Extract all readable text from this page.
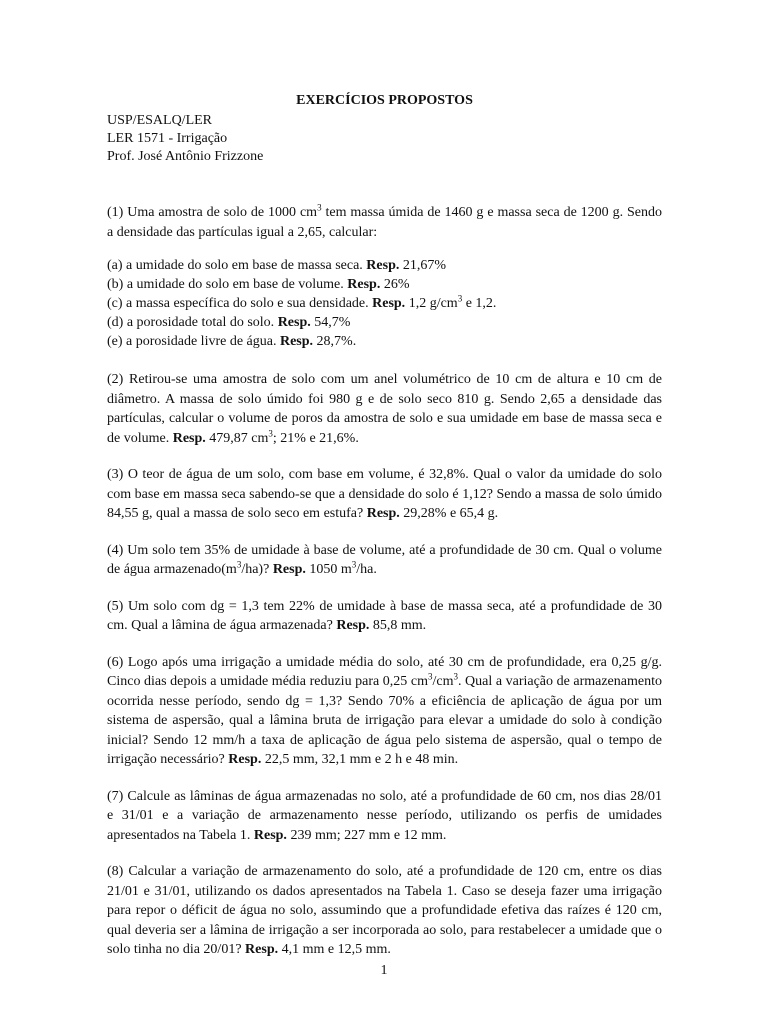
EXERCÍCIOS PROPOSTOS
USP/ESALQ/LER
LER 1571 - Irrigação
Prof. José Antônio Frizzone
(1) Uma amostra de solo de 1000 $cm^3$ tem massa úmida de 1460 g e massa seca de 1200 g. Sendo a densidade das partículas igual a 2,65, calcular:
(a) a umidade do solo em base de massa seca. Resp. 21,67%
(b) a umidade do solo em base de volume. Resp. 26%
(c) a massa específica do solo e sua densidade. Resp. 1,2 $g/cm^3$ e 1,2.
(d) a porosidade total do solo. Resp. 54,7%
(e) a porosidade livre de água. Resp. 28,7%.
(2) Retirou-se uma amostra de solo com um anel volumétrico de 10 cm de altura e 10 cm de diâmetro. A massa de solo úmido foi 980 g e de solo seco 810 g. Sendo 2,65 a densidade das partículas, calcular o volume de poros da amostra de solo e sua umidade em base de massa seca e de volume. Resp. 479,87 $cm^3$; 21% e 21,6%.
(3) O teor de água de um solo, com base em volume, é 32,8%. Qual o valor da umidade do solo com base em massa seca sabendo-se que a densidade do solo é 1,12? Sendo a massa de solo úmido 84,55 g, qual a massa de solo seco em estufa? Resp. 29,28% e 65,4 g.
(4) Um solo tem 35% de umidade à base de volume, até a profundidade de 30 cm. Qual o volume de água $armazenado(m^3/ha)$? Resp. 1050 $m^3/ha$.
(5) Um solo com dg = 1,3 tem 22% de umidade à base de massa seca, até a profundidade de 30 cm. Qual a lâmina de água armazenada? Resp. 85,8 mm.
(6) Logo após uma irrigação a umidade média do solo, até 30 cm de profundidade, era 0,25 g/g. Cinco dias depois a umidade média reduziu para 0,25 $cm^3/cm^3$. Qual a variação de armazenamento ocorrida nesse período, sendo dg = 1,3? Sendo 70% a eficiência de aplicação de água por um sistema de aspersão, qual a lâmina bruta de irrigação para elevar a umidade do solo à condição inicial? Sendo 12 mm/h a taxa de aplicação de água pelo sistema de aspersão, qual o tempo de irrigação necessário? Resp. 22,5 mm, 32,1 mm e 2 h e 48 min.
(7) Calcule as lâminas de água armazenadas no solo, até a profundidade de 60 cm, nos dias 28/01 e 31/01 e a variação de armazenamento nesse período, utilizando os perfis de umidades apresentados na Tabela 1. Resp. 239 mm; 227 mm e 12 mm.
(8) Calcular a variação de armazenamento do solo, até a profundidade de 120 cm, entre os dias 21/01 e 31/01, utilizando os dados apresentados na Tabela 1. Caso se deseja fazer uma irrigação para repor o déficit de água no solo, assumindo que a profundidade efetiva das raízes é 120 cm, qual deveria ser a lâmina de irrigação a ser incorporada ao solo, para restabelecer a umidade que o solo tinha no dia 20/01? Resp. 4,1 mm e 12,5 mm.
1
